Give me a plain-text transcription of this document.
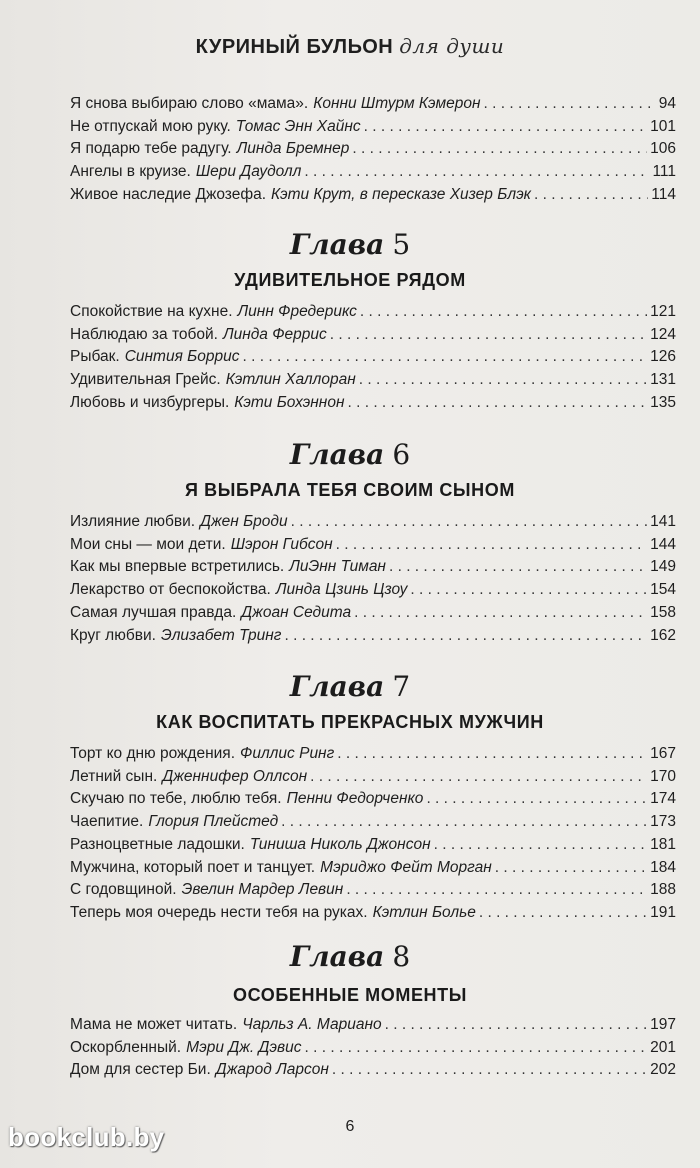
КУРИНЫЙ БУЛЬОН для души
Я снова выбираю слово «мама». Конни Штурм Кэмерон . . .	94
Не отпускай мою руку. Томас Энн Хайнс . . .	101
Я подарю тебе радугу. Линда Бремнер . . .	106
Ангелы в круизе. Шери Даудолл . . .	111
Живое наследие Джозефа. Кэти Крут, в пересказе Хизер Блэк . . .	114
Спокойствие на кухне. Линн Фредерикс . . .	121
Наблюдаю за тобой. Линда Феррис . . .	124
Рыбак. Синтия Боррис . . .	126
Удивительная Грейс. Кэтлин Халлоран . . .	131
Любовь и чизбургеры. Кэти Бохэннон . . .	135
Излияние любви. Джен Броди . . .	141
Мои сны — мои дети. Шэрон Гибсон . . .	144
Как мы впервые встретились. ЛиЭнн Тиман . . .	149
Лекарство от беспокойства. Линда Цзинь Цзоу . . .	154
Самая лучшая правда. Джоан Седита . . .	158
Круг любви. Элизабет Тринг . . .	162
Торт ко дню рождения. Филлис Ринг . . .	167
Летний сын. Дженнифер Оллсон . . .	170
Скучаю по тебе, люблю тебя. Пенни Федорченко . . .	174
Чаепитие. Глория Плейстед . . .	173
Разноцветные ладошки. Тиниша Николь Джонсон . . .	181
Мужчина, который поет и танцует. Мэриджо Фейт Морган . . .	184
С годовщиной. Эвелин Мардер Левин . . .	188
Теперь моя очередь нести тебя на руках. Кэтлин Болье . . .	191
Мама не может читать. Чарльз А. Мариано . . .	197
Оскорбленный. Мэри Дж. Дэвис . . .	201
Дом для сестер Би. Джарод Ларсон . . .	202
6
bookclub.by
Глава 5
УДИВИТЕЛЬНОЕ РЯДОМ
Глава 6
Я ВЫБРАЛА ТЕБЯ СВОИМ СЫНОМ
Глава 7
КАК ВОСПИТАТЬ ПРЕКРАСНЫХ МУЖЧИН
Глава 8
ОСОБЕННЫЕ МОМЕНТЫ
